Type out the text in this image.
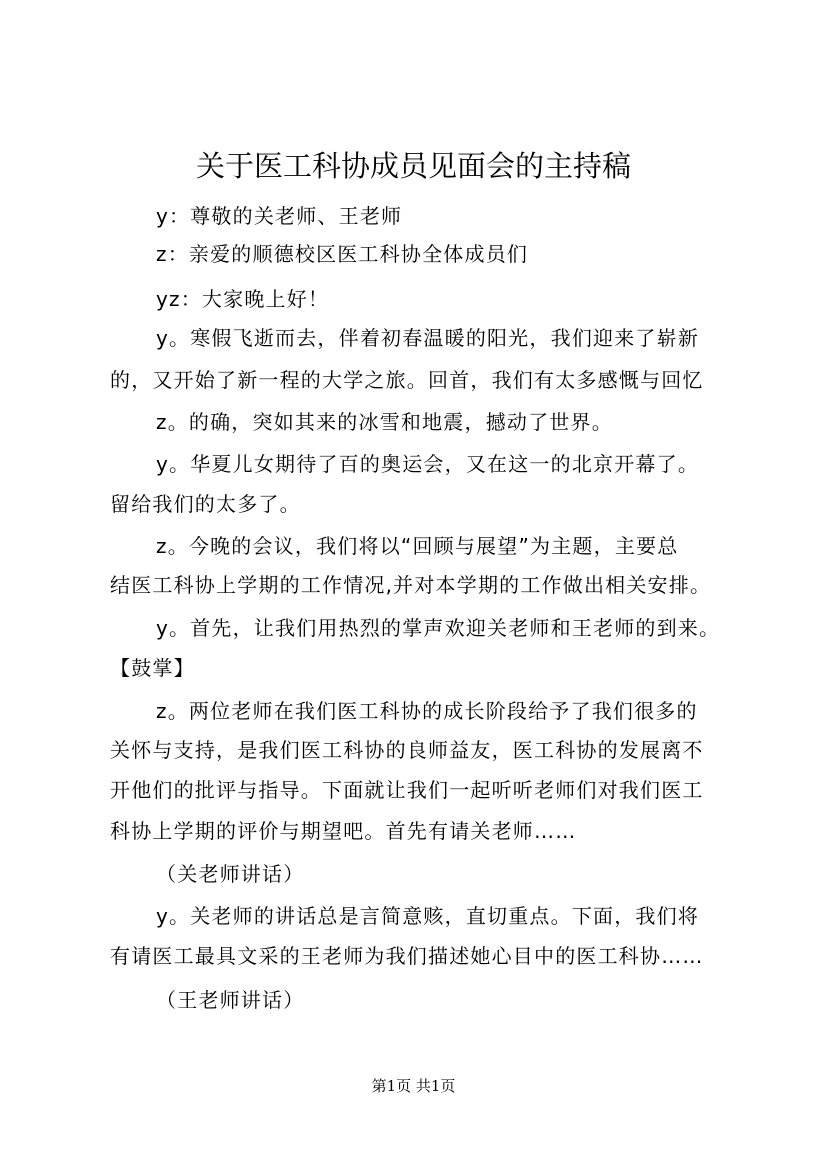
关于医工科协成员见面会的主持稿
y：尊敬的关老师、王老师
z：亲爱的顺德校区医工科协全体成员们
yz：大家晚上好！
y。寒假飞逝而去，伴着初春温暖的阳光，我们迎来了崭新
的，又开始了新一程的大学之旅。回首，我们有太多感慨与回忆
z。的确，突如其来的冰雪和地震，撼动了世界。
y。华夏儿女期待了百的奥运会，又在这一的北京开幕了。
留给我们的太多了。
z。今晚的会议，我们将以“回顾与展望”为主题，主要总
结医工科协上学期的工作情况,并对本学期的工作做出相关安排。
y。首先，让我们用热烈的掌声欢迎关老师和王老师的到来。
【鼓掌】
z。两位老师在我们医工科协的成长阶段给予了我们很多的
关怀与支持，是我们医工科协的良师益友，医工科协的发展离不
开他们的批评与指导。下面就让我们一起听听老师们对我们医工
科协上学期的评价与期望吧。首先有请关老师……
（关老师讲话）
y。关老师的讲话总是言简意赅，直切重点。下面，我们将
有请医工最具文采的王老师为我们描述她心目中的医工科协……
（王老师讲话）
第1页 共1页
